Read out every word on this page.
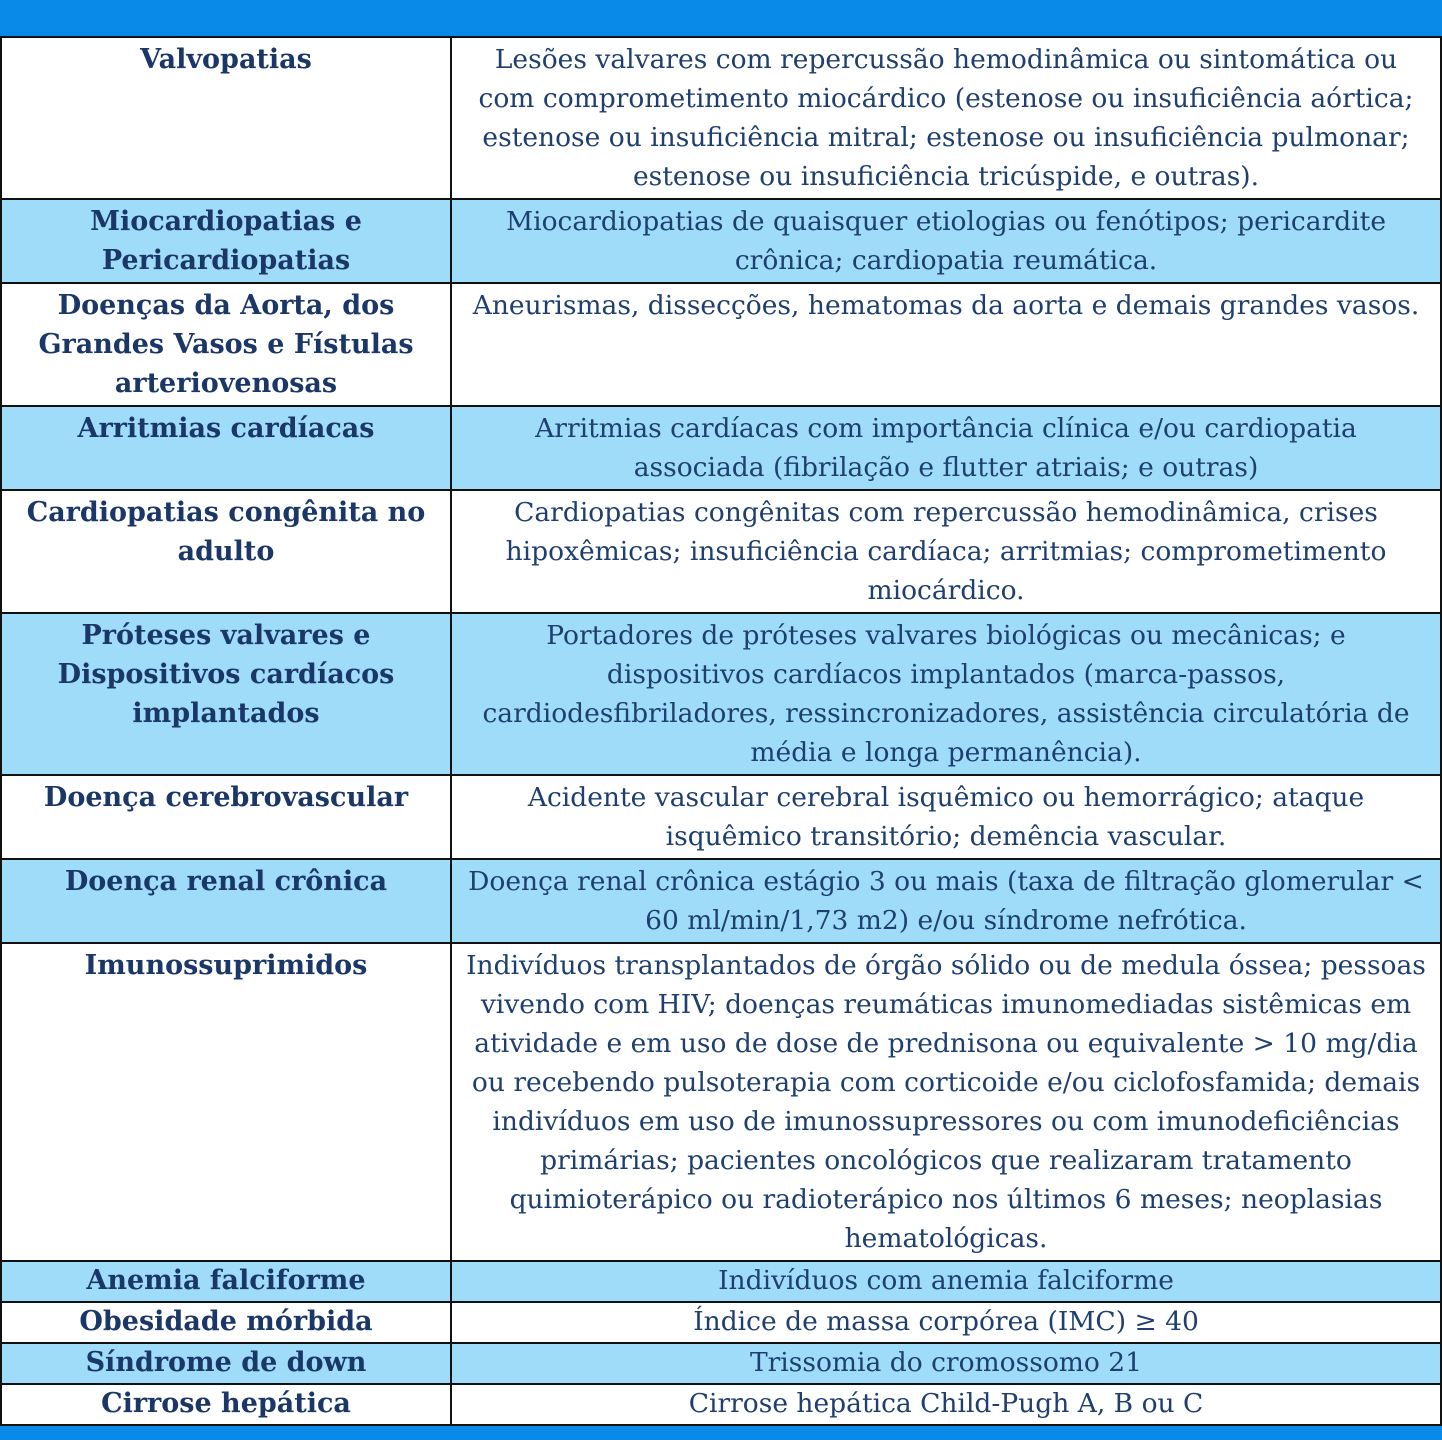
Valvopatias	Lesões valvares com repercussão hemodinâmica ou sintomática ou com comprometimento miocárdico (estenose ou insuficiência aórtica; estenose ou insuficiência mitral; estenose ou insuficiência pulmonar; estenose ou insuficiência tricúspide, e outras).
Miocardiopatias e Pericardiopatias	Miocardiopatias de quaisquer etiologias ou fenótipos; pericardite crônica; cardiopatia reumática.
Doenças da Aorta, dos Grandes Vasos e Fístulas arteriovenosas	Aneurismas, dissecções, hematomas da aorta e demais grandes vasos.
Arritmias cardíacas	Arritmias cardíacas com importância clínica e/ou cardiopatia associada (fibrilação e flutter atriais; e outras)
Cardiopatias congênita no adulto	Cardiopatias congênitas com repercussão hemodinâmica, crises hipoxêmicas; insuficiência cardíaca; arritmias; comprometimento miocárdico.
Próteses valvares e Dispositivos cardíacos implantados	Portadores de próteses valvares biológicas ou mecânicas; e dispositivos cardíacos implantados (marca-passos, cardiodesfibriladores, ressincronizadores, assistência circulatória de média e longa permanência).
Doença cerebrovascular	Acidente vascular cerebral isquêmico ou hemorrágico; ataque isquêmico transitório; demência vascular.
Doença renal crônica	Doença renal crônica estágio 3 ou mais (taxa de filtração glomerular < 60 ml/min/1,73 m2) e/ou síndrome nefrótica.
Imunossuprimidos	Indivíduos transplantados de órgão sólido ou de medula óssea; pessoas vivendo com HIV; doenças reumáticas imunomediadas sistêmicas em atividade e em uso de dose de prednisona ou equivalente > 10 mg/dia ou recebendo pulsoterapia com corticoide e/ou ciclofosfamida; demais indivíduos em uso de imunossupressores ou com imunodeficiências primárias; pacientes oncológicos que realizaram tratamento quimioterápico ou radioterápico nos últimos 6 meses; neoplasias hematológicas.
Anemia falciforme	Indivíduos com anemia falciforme
Obesidade mórbida	Índice de massa corpórea (IMC) ≥ 40
Síndrome de down	Trissomia do cromossomo 21
Cirrose hepática	Cirrose hepática Child-Pugh A, B ou C
